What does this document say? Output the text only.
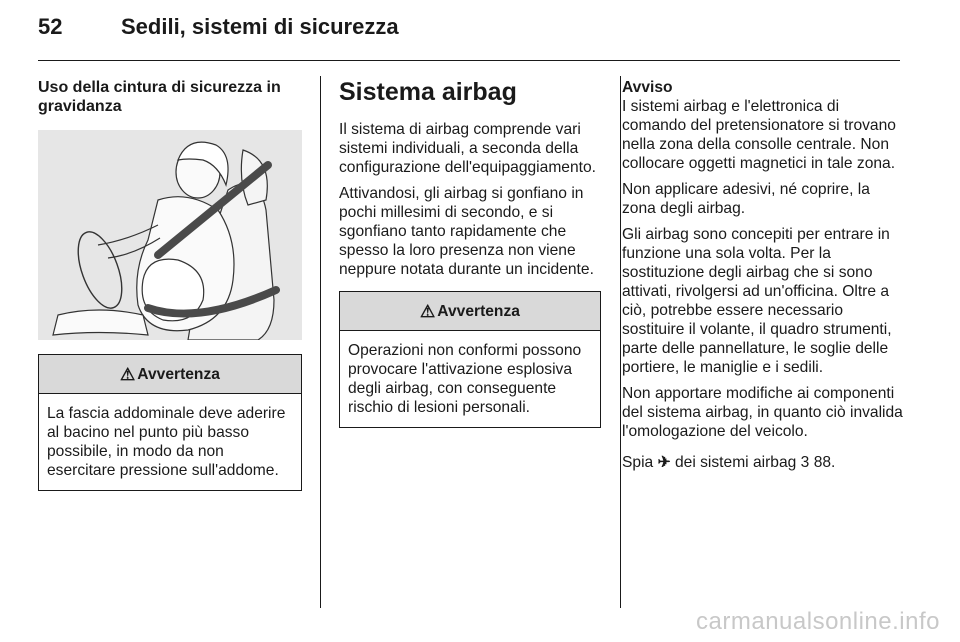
52	Sedili, sistemi di sicurezza
Uso della cintura di sicurezza in gravidanza
⚠ Avvertenza
La fascia addominale deve aderire al bacino nel punto più basso possibile, in modo da non esercitare pressione sull'addome.
Sistema airbag

Il sistema di airbag comprende vari sistemi individuali, a seconda della configurazione dell'equipaggiamento.

Attivandosi, gli airbag si gonfiano in pochi millesimi di secondo, e si sgonfiano tanto rapidamente che spesso la loro presenza non viene neppure notata durante un incidente.

⚠ Avvertenza
Operazioni non conformi possono provocare l'attivazione esplosiva degli airbag, con conseguente rischio di lesioni personali.
Avviso

I sistemi airbag e l'elettronica di comando del pretensionatore si trovano nella zona della consolle centrale. Non collocare oggetti magnetici in tale zona.

Non applicare adesivi, né coprire, la zona degli airbag.

Gli airbag sono concepiti per entrare in funzione una sola volta. Per la sostituzione degli airbag che si sono attivati, rivolgersi ad un'officina. Oltre a ciò, potrebbe essere necessario sostituire il volante, il quadro strumenti, parte delle pannellature, le soglie delle portiere, le maniglie e i sedili.

Non apportare modifiche ai componenti del sistema airbag, in quanto ciò invalida l'omologazione del veicolo.

Spia ✈ dei sistemi airbag 3 88.

carmanualsonline.info
